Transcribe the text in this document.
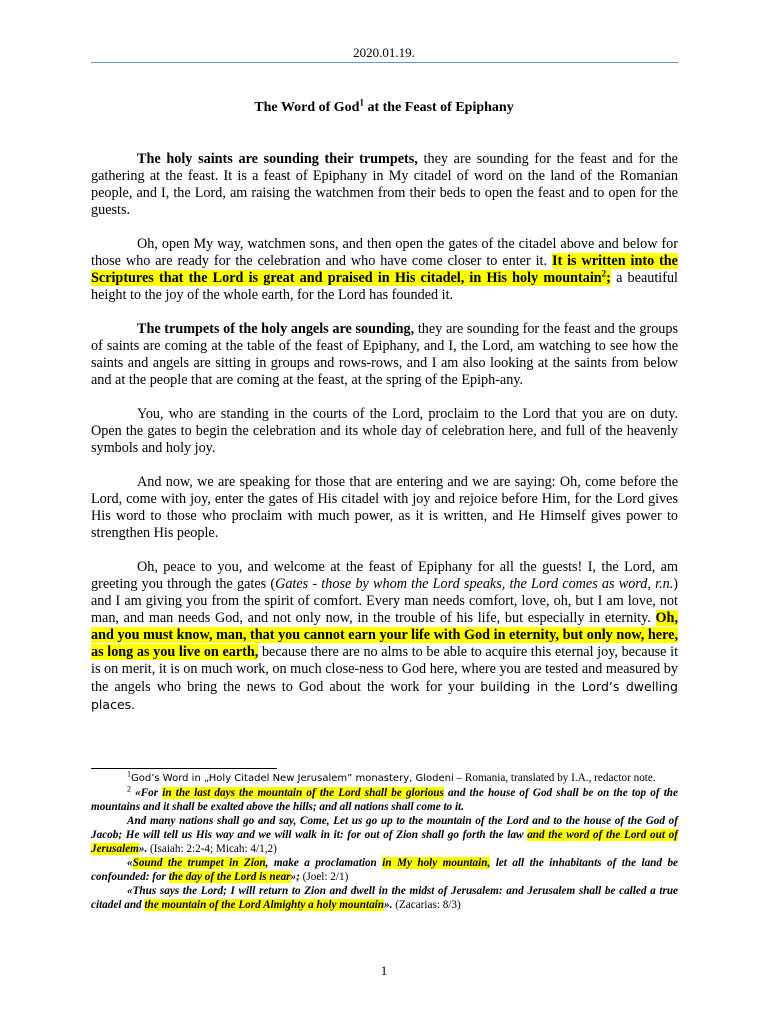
2020.01.19.
The Word of God$^1$ at the Feast of Epiphany

The holy saints are sounding their trumpets, they are sounding for the feast and for the gathering at the feast. It is a feast of Epiphany in My citadel of word on the land of the Romanian people, and I, the Lord, am raising the watchmen from their beds to open the feast and to open for the guests.

Oh, open My way, watchmen sons, and then open the gates of the citadel above and below for those who are ready for the celebration and who have come closer to enter it. It is written into the Scriptures that the Lord is great and praised in His citadel, in His holy mountain$^2$; a beautiful height to the joy of the whole earth, for the Lord has founded it.

The trumpets of the holy angels are sounding, they are sounding for the feast and the groups of saints are coming at the table of the feast of Epiphany, and I, the Lord, am watching to see how the saints and angels are sitting in groups and rows-rows, and I am also looking at the saints from below and at the people that are coming at the feast, at the spring of the Epiph-any.

You, who are standing in the courts of the Lord, proclaim to the Lord that you are on duty. Open the gates to begin the celebration and its whole day of celebration here, and full of the heavenly symbols and holy joy.

And now, we are speaking for those that are entering and we are saying: Oh, come before the Lord, come with joy, enter the gates of His citadel with joy and rejoice before Him, for the Lord gives His word to those who proclaim with much power, as it is written, and He Himself gives power to strengthen His people.

Oh, peace to you, and welcome at the feast of Epiphany for all the guests! I, the Lord, am greeting you through the gates (Gates - those by whom the Lord speaks, the Lord comes as word, r.n.) and I am giving you from the spirit of comfort. Every man needs comfort, love, oh, but I am love, not man, and man needs God, and not only now, in the trouble of his life, but especially in eternity. Oh, and you must know, man, that you cannot earn your life with God in eternity, but only now, here, as long as you live on earth, because there are no alms to be able to acquire this eternal joy, because it is on merit, it is on much work, on much close-ness to God here, where you are tested and measured by the angels who bring the news to God about the work for your building in the Lord’s dwelling places.

$^1$God’s Word in „Holy Citadel New Jerusalem” monastery, Glodeni – Romania, translated by I.A., redactor note.

$^2$ «For in the last days the mountain of the Lord shall be glorious and the house of God shall be on the top of the mountains and it shall be exalted above the hills; and all nations shall come to it.

And many nations shall go and say, Come, Let us go up to the mountain of the Lord and to the house of the God of Jacob; He will tell us His way and we will walk in it: for out of Zion shall go forth the law and the word of the Lord out of Jerusalem». (Isaiah: 2:2-4; Micah: 4/1,2)

«Sound the trumpet in Zion, make a proclamation in My holy mountain, let all the inhabitants of the land be confounded: for the day of the Lord is near»; (Joel: 2/1)

«Thus says the Lord; I will return to Zion and dwell in the midst of Jerusalem: and Jerusalem shall be called a true citadel and the mountain of the Lord Almighty a holy mountain». (Zacarias: 8/3)

1
